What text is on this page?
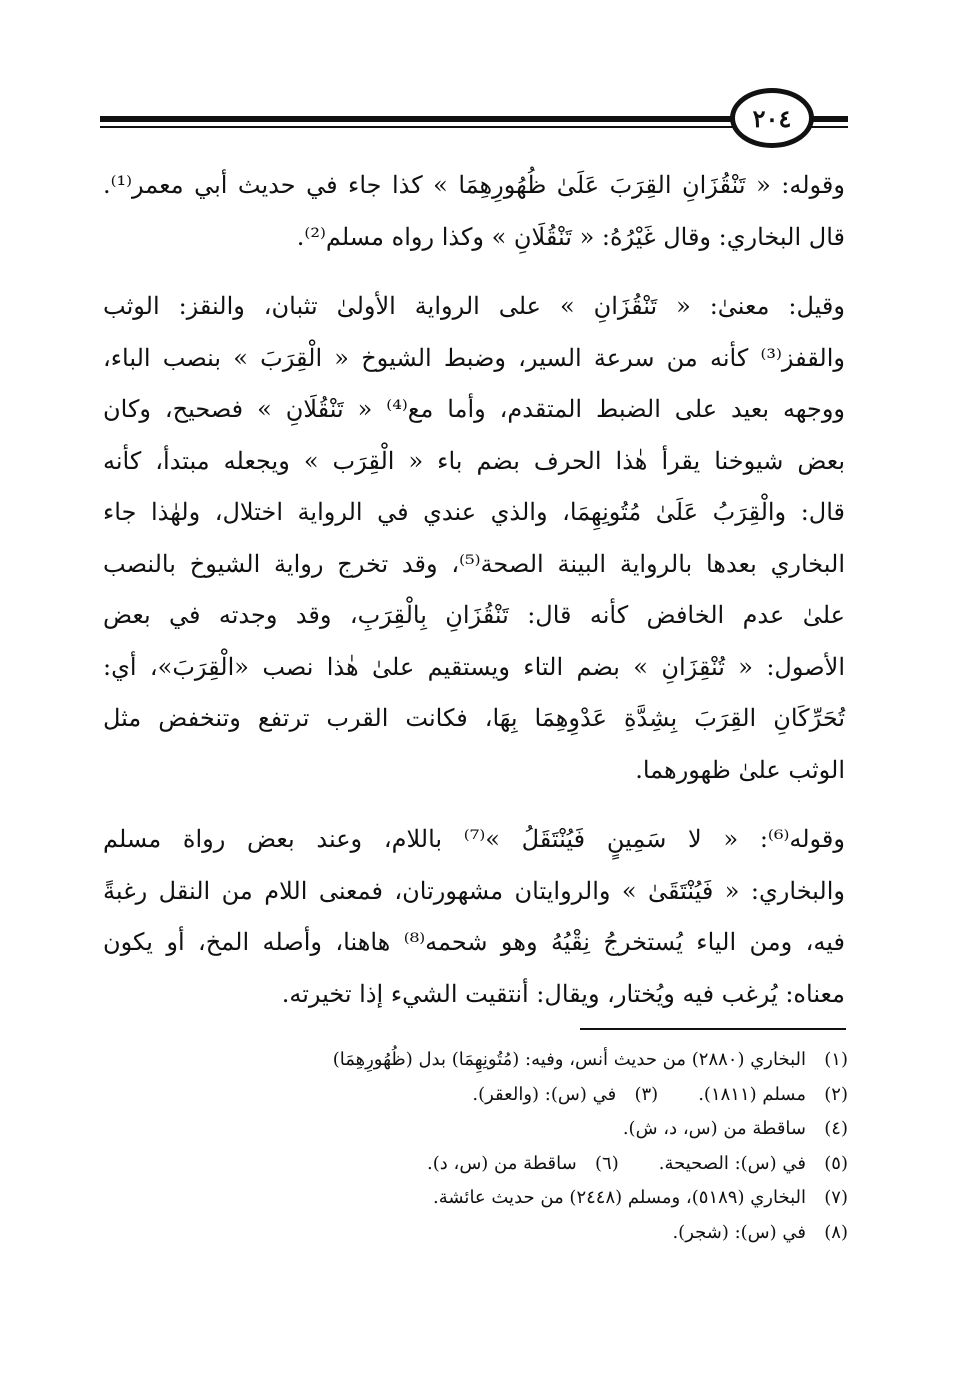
٢٠٤

وقوله: « تَنْقُزَانِ القِرَبَ عَلَىٰ ظُهُورِهِمَا » كذا جاء في حديث أبي معمر⁽¹⁾.
قال البخاري: وقال غَيْرُهُ: « تَنْقُلَانِ » وكذا رواه مسلم⁽²⁾.

وقيل: معنىٰ: « تَنْقُزَانِ » على الرواية الأولىٰ تثبان، والنقز: الوثب
والقفز⁽³⁾ كأنه من سرعة السير، وضبط الشيوخ « الْقِرَبَ » بنصب الباء،
ووجهه بعيد على الضبط المتقدم، وأما مع⁽⁴⁾ « تَنْقُلَانِ » فصحيح، وكان
بعض شيوخنا يقرأ هٰذا الحرف بضم باء « الْقِرَب » ويجعله مبتدأ، كأنه
قال: والْقِرَبُ عَلَىٰ مُتُونِهِمَا، والذي عندي في الرواية اختلال، ولهٰذا جاء
البخاري بعدها بالرواية البينة الصحة⁽⁵⁾، وقد تخرج رواية الشيوخ بالنصب
علىٰ عدم الخافض كأنه قال: تَنْقُزَانِ بِالْقِرَبِ، وقد وجدته في بعض
الأصول: « تُنْقِزَانِ » بضم التاء ويستقيم علىٰ هٰذا نصب «الْقِرَبَ»، أي:
تُحَرِّكَانِ القِرَبَ بِشِدَّةِ عَدْوِهِمَا بِهَا، فكانت القرب ترتفع وتنخفض مثل
الوثب علىٰ ظهورهما.

وقوله⁽⁶⁾: « لا سَمِينٍ فَيُنْتَقَلُ »⁽⁷⁾ باللام، وعند بعض رواة مسلم
والبخاري: « فَيُنْتَقَىٰ » والروايتان مشهورتان، فمعنى اللام من النقل رغبةً
فيه، ومن الياء يُستخرجُ نِقْيُهُ وهو شحمه⁽⁸⁾ هاهنا، وأصله المخ، أو يكون
معناه: يُرغب فيه ويُختار، ويقال: أنتقيت الشيء إذا تخيرته.

(١)البخاري (٢٨٨٠) من حديث أنس، وفيه: (مُتُونِهِمَا) بدل (ظُهُورِهِمَا)
(٢)مسلم (١٨١١).(٣)في (س): (والعقر).
(٤)ساقطة من (س، د، ش).
(٥)في (س): الصحيحة.(٦)ساقطة من (س، د).
(٧)البخاري (٥١٨٩)، ومسلم (٢٤٤٨) من حديث عائشة.
(٨)في (س): (شجر).
